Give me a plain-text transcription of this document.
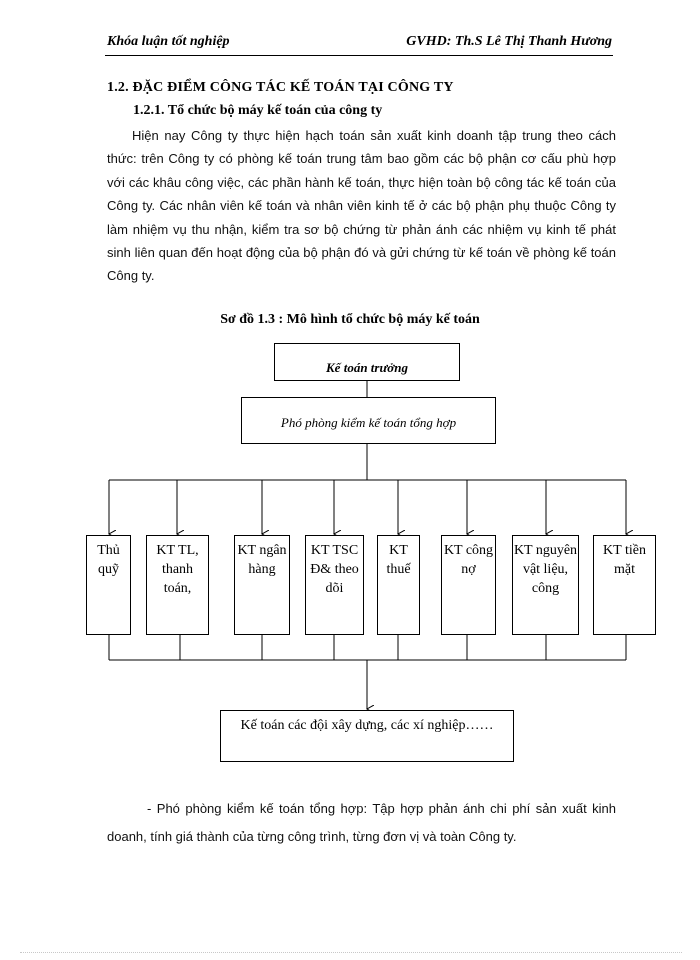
Khóa luận tốt nghiệp	GVHD: Th.S Lê Thị Thanh Hương
1.2. ĐẶC ĐIỂM CÔNG TÁC KẾ TOÁN TẠI CÔNG TY
1.2.1. Tổ chức bộ máy kế toán của công ty
Hiện nay Công ty thực hiện hạch toán sản xuất kinh doanh tập trung theo cách thức: trên Công ty có phòng kế toán trung tâm bao gồm các bộ phận cơ cấu phù hợp với các khâu công việc, các phần hành kế toán, thực hiện toàn bộ công tác kế toán của Công ty. Các nhân viên kế toán và nhân viên kinh tế ở các bộ phận phụ thuộc Công ty làm nhiệm vụ thu nhận, kiểm tra sơ bộ chứng từ phản ánh các nhiệm vụ kinh tế phát sinh liên quan đến hoạt động của bộ phận đó và gửi chứng từ kế toán về phòng kế toán Công ty.
Sơ đồ 1.3 : Mô hình tổ chức bộ máy kế toán
Kế toán trưởng
Phó phòng kiểm kế toán tổng hợp
Thủ quỹ
KT TL, thanh toán,
KT ngân hàng
KT TSC Đ& theo dõi
KT thuế
KT công nợ
KT nguyên vật liệu, công
KT tiền mặt
Kế toán các đội xây dựng, các xí nghiệp……
- Phó phòng kiểm kế toán tổng hợp: Tập hợp phản ánh chi phí sản xuất kinh doanh, tính giá thành của từng công trình, từng đơn vị và toàn Công ty.
